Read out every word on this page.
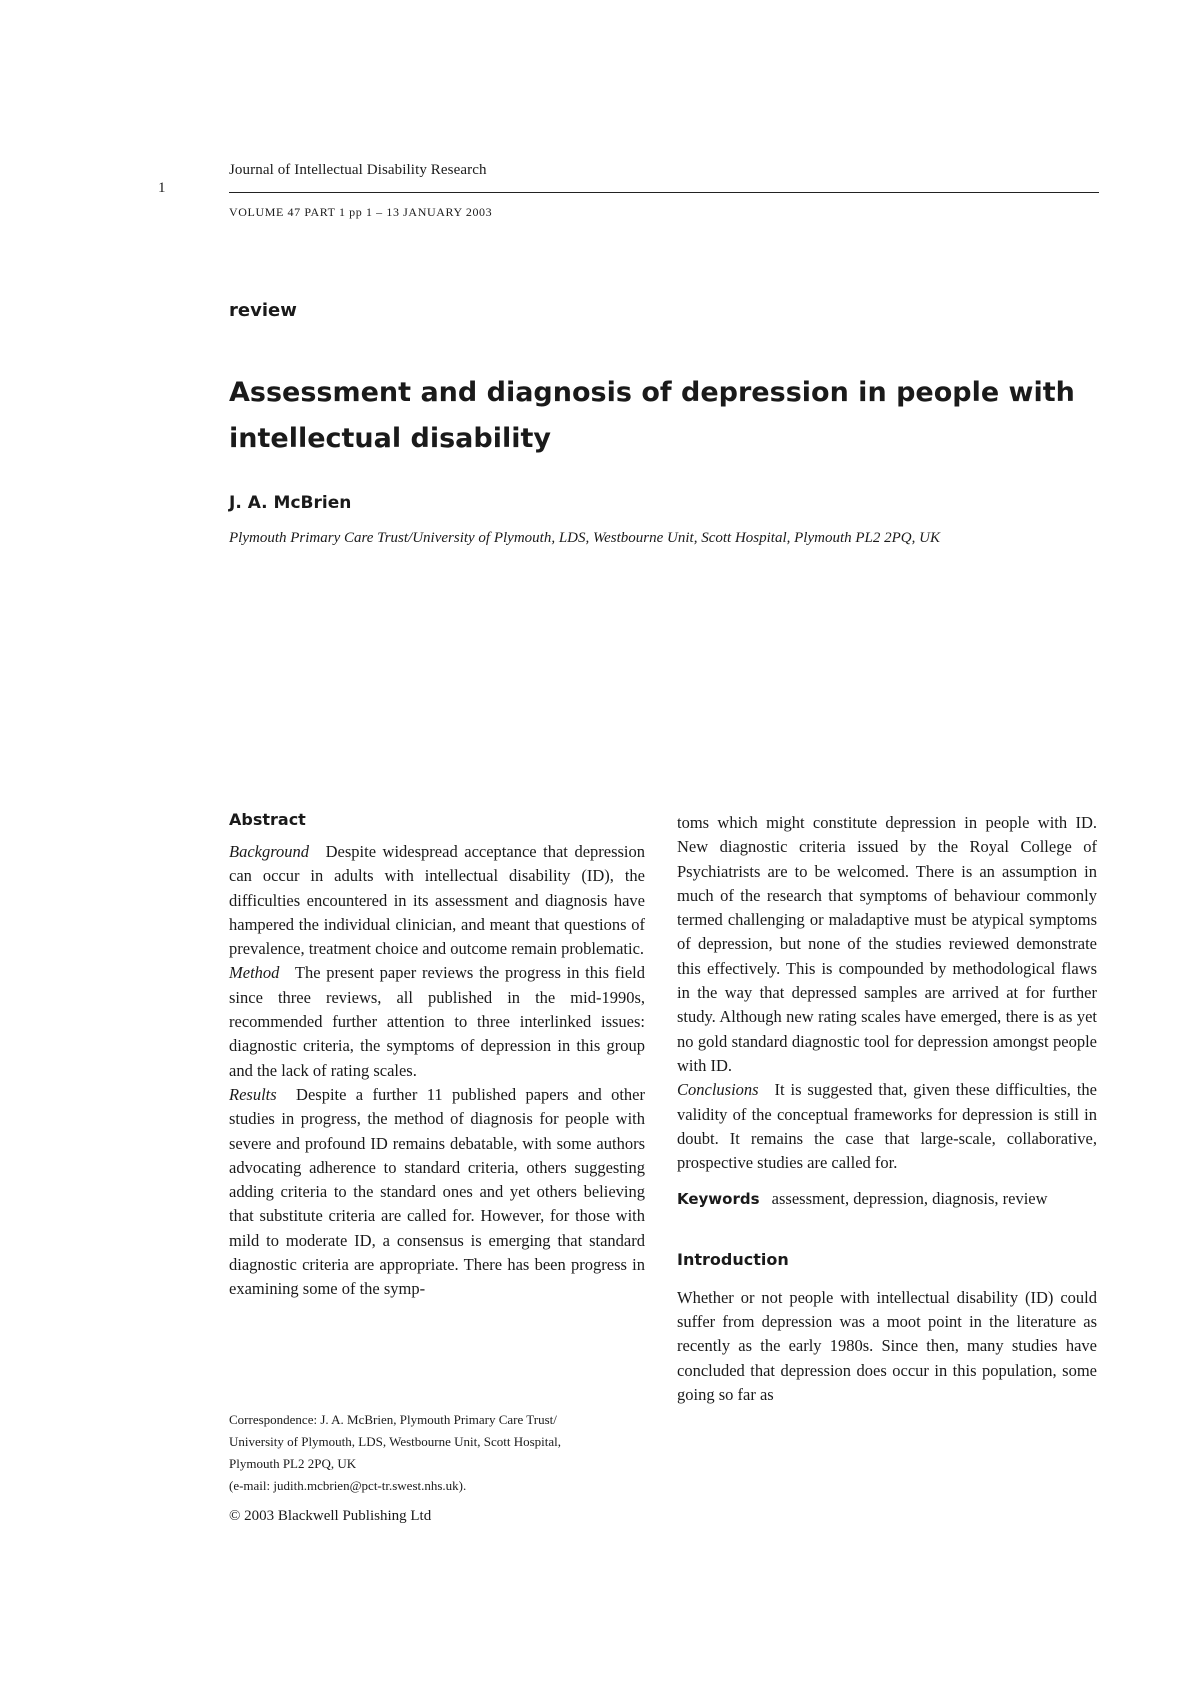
1
Journal of Intellectual Disability Research
VOLUME 47 PART 1 pp 1 – 13 JANUARY 2003
review
Assessment and diagnosis of depression in people with intellectual disability
J. A. McBrien
Plymouth Primary Care Trust/University of Plymouth, LDS, Westbourne Unit, Scott Hospital, Plymouth PL2 2PQ, UK
Abstract

Background Despite widespread acceptance that depression can occur in adults with intellectual disability (ID), the difficulties encountered in its assessment and diagnosis have hampered the individual clinician, and meant that questions of prevalence, treatment choice and outcome remain problematic.

Method The present paper reviews the progress in this field since three reviews, all published in the mid-1990s, recommended further attention to three interlinked issues: diagnostic criteria, the symptoms of depression in this group and the lack of rating scales.

Results Despite a further 11 published papers and other studies in progress, the method of diagnosis for people with severe and profound ID remains debatable, with some authors advocating adherence to standard criteria, others suggesting adding criteria to the standard ones and yet others believing that substitute criteria are called for. However, for those with mild to moderate ID, a consensus is emerging that standard diagnostic criteria are appropriate. There has been progress in examining some of the symp-

toms which might constitute depression in people with ID. New diagnostic criteria issued by the Royal College of Psychiatrists are to be welcomed. There is an assumption in much of the research that symptoms of behaviour commonly termed challenging or maladaptive must be atypical symptoms of depression, but none of the studies reviewed demonstrate this effectively. This is compounded by methodological flaws in the way that depressed samples are arrived at for further study. Although new rating scales have emerged, there is as yet no gold standard diagnostic tool for depression amongst people with ID.

Conclusions It is suggested that, given these difficulties, the validity of the conceptual frameworks for depression is still in doubt. It remains the case that large-scale, collaborative, prospective studies are called for.

Keywords assessment, depression, diagnosis, review

Introduction

Whether or not people with intellectual disability (ID) could suffer from depression was a moot point in the literature as recently as the early 1980s. Since then, many studies have concluded that depression does occur in this population, some going so far as

Correspondence: J. A. McBrien, Plymouth Primary Care Trust/
University of Plymouth, LDS, Westbourne Unit, Scott Hospital,
Plymouth PL2 2PQ, UK
(e-mail: judith.mcbrien@pct-tr.swest.nhs.uk).
© 2003 Blackwell Publishing Ltd
